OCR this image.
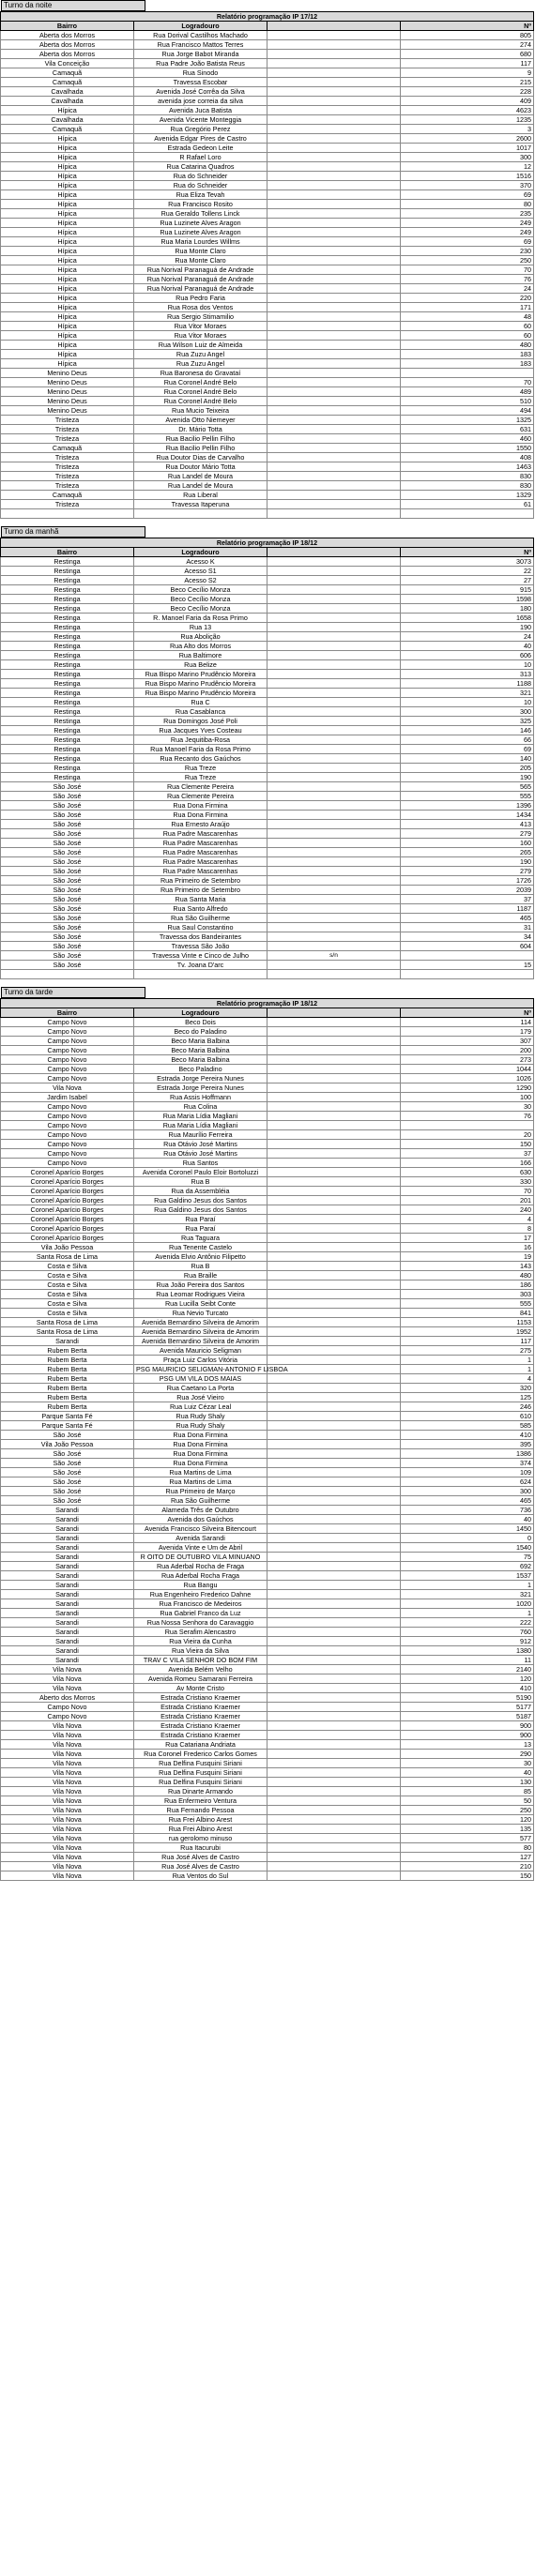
Turno da noite
Relatório programação IP 17/12			
Bairro	Logradouro		Nº
Aberta dos Morros	Rua Dorival Castilhos Machado		805
Aberta dos Morros	Rua Francisco Mattos Terres		274
Aberta dos Morros	Rua Jorge Babot Miranda		680
Vila Conceição	Rua Padre João Batista Reus		117
Camaquã	Rua Sinodo		9
Camaquã	Travessa Escobar		215
Cavalhada	Avenida José Corrêa da Silva		228
Cavalhada	avenida jose correia da silva		409
Hípica	Avenida Juca Batista		4623
Cavalhada	Avenida Vicente Monteggia		1235
Camaquã	Rua Gregório Perez		3
Hípica	Avenida Edgar Pires de Castro		2600
Hípica	Estrada Gedeon Leite		1017
Hípica	R Rafael Loro		300
Hípica	Rua Catarina Quadros		12
Hípica	Rua do Schneider		1516
Hípica	Rua do Schneider		370
Hípica	Rua Eliza Tevah		69
Hípica	Rua Francisco Rosito		80
Hípica	Rua Geraldo Tollens Linck		235
Hípica	Rua Luzinete Alves Aragon		249
Hípica	Rua Luzinete Alves Aragon		249
Hípica	Rua Maria Lourdes Willms		69
Hípica	Rua Monte Claro		230
Hípica	Rua Monte Claro		250
Hípica	Rua Norival Paranaguá de Andrade		70
Hípica	Rua Norival Paranaguá de Andrade		76
Hípica	Rua Norival Paranaguá de Andrade		24
Hípica	Rua Pedro Faria		220
Hípica	Rua Rosa dos Ventos		171
Hípica	Rua Sergio Stimamilio		48
Hípica	Rua Vitor Moraes		60
Hípica	Rua Vitor Moraes		60
Hípica	Rua Wilson Luiz de Almeida		480
Hípica	Rua Zuzu Angel		183
Hípica	Rua Zuzu Angel		183
Menino Deus	Rua Baronesa do Gravataí		
Menino Deus	Rua Coronel André Belo		70
Menino Deus	Rua Coronel André Belo		489
Menino Deus	Rua Coronel André Belo		510
Menino Deus	Rua Mucio Teixeira		494
Tristeza	Avenida Otto Niemeyer		1325
Tristeza	Dr. Mário Totta		631
Tristeza	Rua Bacilio Pellin Filho		460
Camaquã	Rua Bacilio Pellin Filho		1550
Tristeza	Rua Doutor Dias de Carvalho		408
Tristeza	Rua Doutor Mário Totta		1463
Tristeza	Rua Landel de Moura		830
Tristeza	Rua Landel de Moura		830
Camaquã	Rua Liberal		1329
Tristeza	Travessa Itaperuna		61

Turno da manhã
Relatório programação IP 18/12			
Bairro	Logradouro		Nº
Restinga	Acesso K		3073
Restinga	Acesso S1		22
Restinga	Acesso S2		27
Restinga	Beco Cecílio Monza		915
Restinga	Beco Cecílio Monza		1598
Restinga	Beco Cecílio Monza		180
Restinga	R. Manoel Faria da Rosa Primo		1658
Restinga	Rua 13		190
Restinga	Rua Abolição		24
Restinga	Rua Alto dos Morros		40
Restinga	Rua Baltimore		606
Restinga	Rua Belize		10
Restinga	Rua Bispo Marino Prudêncio Moreira		313
Restinga	Rua Bispo Marino Prudêncio Moreira		1188
Restinga	Rua Bispo Marino Prudêncio Moreira		321
Restinga	Rua C		10
Restinga	Rua Casablanca		300
Restinga	Rua Domingos José Poli		325
Restinga	Rua Jacques Yves Costeau		146
Restinga	Rua Jequitiba-Rosa		66
Restinga	Rua Manoel Faria da Rosa Primo		69
Restinga	Rua Recanto dos Gaúchos		140
Restinga	Rua Treze		205
Restinga	Rua Treze		190
São José	Rua Clemente Pereira		565
São José	Rua Clemente Pereira		555
São José	Rua Dona Firmina		1396
São José	Rua Dona Firmina		1434
São José	Rua Ernesto Araújo		413
São José	Rua Padre Mascarenhas		279
São José	Rua Padre Mascarenhas		160
São José	Rua Padre Mascarenhas		265
São José	Rua Padre Mascarenhas		190
São José	Rua Padre Mascarenhas		279
São José	Rua Primeiro de Setembro		1726
São José	Rua Primeiro de Setembro		2039
São José	Rua Santa Maria		37
São José	Rua Santo Alfredo		1187
São José	Rua São Guilherme		465
São José	Rua Saul Constantino		31
São José	Travessa dos Bandeirantes		34
São José	Travessa São João		604
São José	Travessa Vinte e Cinco de Julho	s/n	
São José	Tv. Joana D'arc		15

Turno da tarde
Relatório programação IP 18/12			
Bairro	Logradouro		Nº
Campo Novo	Beco Dois		114
Campo Novo	Beco do Paladino		179
Campo Novo	Beco Maria Balbina		307
Campo Novo	Beco Maria Balbina		200
Campo Novo	Beco Maria Balbina		273
Campo Novo	Beco Paladino		1044
Campo Novo	Estrada Jorge Pereira Nunes		1026
Vila Nova	Estrada Jorge Pereira Nunes		1290
Jardim Isabel	Rua Assis Hoffmann		100
Campo Novo	Rua Colina		30
Campo Novo	Rua Maria Lídia Magliani		76
Campo Novo	Rua Maria Lídia Magliani		
Campo Novo	Rua Maurílio Ferreira		20
Campo Novo	Rua Otávio José Martins		150
Campo Novo	Rua Otávio José Martins		37
Campo Novo	Rua Santos		166
Coronel Aparício Borges	Avenida Coronel Paulo Eloir Bortoluzzi		630
Coronel Aparício Borges	Rua B		330
Coronel Aparício Borges	Rua da Assembléia		70
Coronel Aparício Borges	Rua Galdino Jesus dos Santos		201
Coronel Aparício Borges	Rua Galdino Jesus dos Santos		240
Coronel Aparício Borges	Rua Paraí		4
Coronel Aparício Borges	Rua Paraí		8
Coronel Aparício Borges	Rua Taguara		17
Vila João Pessoa	Rua Tenente Castelo		16
Santa Rosa de Lima	Avenida Elvio Antônio Filipetto		19
Costa e Silva	Rua B		143
Costa e Silva	Rua Braille		480
Costa e Silva	Rua João Pereira dos Santos		186
Costa e Silva	Rua Leomar Rodrigues Vieira		303
Costa e Silva	Rua Lucilla Seibt Conte		555
Costa e Silva	Rua Nevio Turcato		841
Santa Rosa de Lima	Avenida Bernardino Silveira de Amorim		1153
Santa Rosa de Lima	Avenida Bernardino Silveira de Amorim		1952
Sarandi	Avenida Bernardino Silveira de Amorim		117
Rubem Berta	Avenida Mauricio Seligman		275
Rubem Berta	Praça Luiz Carlos Vitória		1
Rubem Berta	PSG MAURICIO SELIGMAN-ANTONIO F LISBOA		1
Rubem Berta	PSG UM VILA DOS MAIAS		4
Rubem Berta	Rua Caetano La Porta		320
Rubem Berta	Rua José Vieiro		125
Rubem Berta	Rua Luiz Cézar Leal		246
Parque Santa Fé	Rua Rudy Shaly		610
Parque Santa Fé	Rua Rudy Shaly		585
São José	Rua Dona Firmina		410
Vila João Pessoa	Rua Dona Firmina		395
São José	Rua Dona Firmina		1386
São José	Rua Dona Firmina		374
São José	Rua Martins de Lima		109
São José	Rua Martins de Lima		624
São José	Rua Primeiro de Março		300
São José	Rua São Guilherme		465
Sarandi	Alameda Três de Outubro		736
Sarandi	Avenida dos Gaúchos		40
Sarandi	Avenida Francisco Silveira Bitencourt		1450
Sarandi	Avenida Sarandi		0
Sarandi	Avenida Vinte e Um de Abril		1540
Sarandi	R OITO DE OUTUBRO VILA MINUANO		75
Sarandi	Rua Aderbal Rocha de Fraga		692
Sarandi	Rua Aderbal Rocha Fraga		1537
Sarandi	Rua Bangu		1
Sarandi	Rua Engenheiro Frederico Dahne		321
Sarandi	Rua Francisco de Medeiros		1020
Sarandi	Rua Gabriel Franco da Luz		1
Sarandi	Rua Nossa Senhora do Caravaggio		222
Sarandi	Rua Serafim Alencastro		760
Sarandi	Rua Vieira da Cunha		912
Sarandi	Rua Vieira da Silva		1380
Sarandi	TRAV C VILA SENHOR DO BOM FIM		11
Vila Nova	Avenida Belém Velho		2140
Vila Nova	Avenida Romeu Samarani Ferreira		120
Vila Nova	Av Monte Cristo		410
Aberto dos Morros	Estrada Cristiano Kraemer		5190
Campo Novo	Estrada Cristiano Kraemer		5177
Campo Novo	Estrada Cristiano Kraemer		5187
Vila Nova	Estrada Cristiano Kraemer		900
Vila Nova	Estrada Cristiano Kraemer		900
Vila Nova	Rua Catariana Andriata		13
Vila Nova	Rua Coronel Frederico Carlos Gomes		290
Vila Nova	Rua Delfina Fusquini Siriani		30
Vila Nova	Rua Delfina Fusquini Siriani		40
Vila Nova	Rua Delfina Fusquini Siriani		130
Vila Nova	Rua Dinarte Armando		85
Vila Nova	Rua Enfermeiro Ventura		50
Vila Nova	Rua Fernando Pessoa		250
Vila Nova	Rua Frei Albino Arest		120
Vila Nova	Rua Frei Albino Arest		135
Vila Nova	rua gerolomo minuso		577
Vila Nova	Rua Itacurubi		80
Vila Nova	Rua José Alves de Castro		127
Vila Nova	Rua José Alves de Castro		210
Vila Nova	Rua Ventos do Sul		150
